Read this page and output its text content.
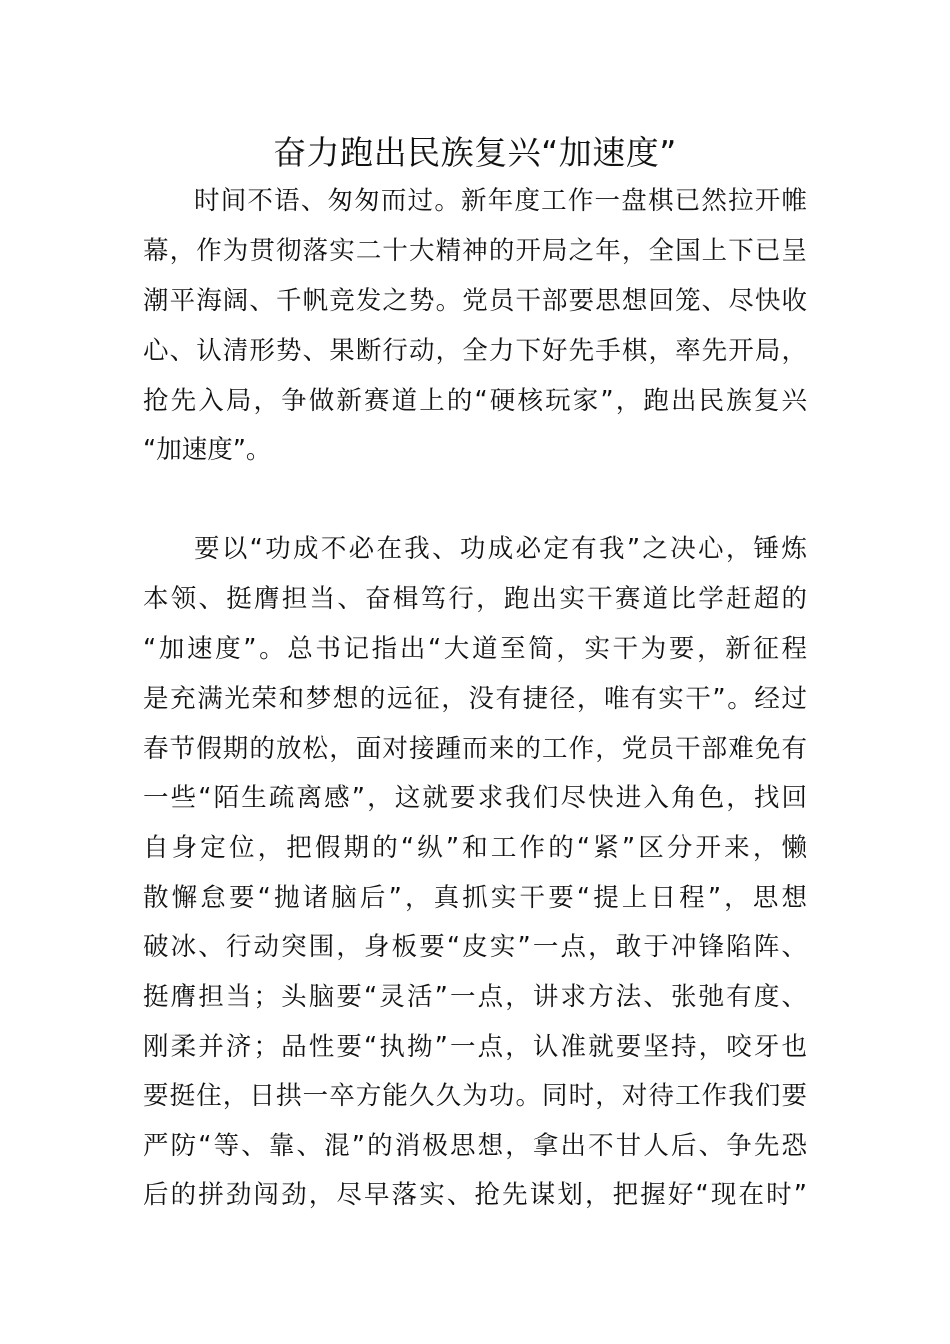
奋力跑出民族复兴“加速度”
时间不语、匆匆而过。新年度工作一盘棋已然拉开帷
幕，作为贯彻落实二十大精神的开局之年，全国上下已呈
潮平海阔、千帆竞发之势。党员干部要思想回笼、尽快收
心、认清形势、果断行动，全力下好先手棋，率先开局，
抢先入局，争做新赛道上的“硬核玩家”，跑出民族复兴
“加速度”。
要以“功成不必在我、功成必定有我”之决心，锤炼
本领、挺膺担当、奋楫笃行，跑出实干赛道比学赶超的
“加速度”。总书记指出“大道至简，实干为要，新征程
是充满光荣和梦想的远征，没有捷径，唯有实干”。经过
春节假期的放松，面对接踵而来的工作，党员干部难免有
一些“陌生疏离感”，这就要求我们尽快进入角色，找回
自身定位，把假期的“纵”和工作的“紧”区分开来，懒
散懈怠要“抛诸脑后”，真抓实干要“提上日程”，思想
破冰、行动突围，身板要“皮实”一点，敢于冲锋陷阵、
挺膺担当；头脑要“灵活”一点，讲求方法、张弛有度、
刚柔并济；品性要“执拗”一点，认准就要坚持，咬牙也
要挺住，日拱一卒方能久久为功。同时，对待工作我们要
严防“等、靠、混”的消极思想，拿出不甘人后、争先恐
后的拼劲闯劲，尽早落实、抢先谋划，把握好“现在时”
